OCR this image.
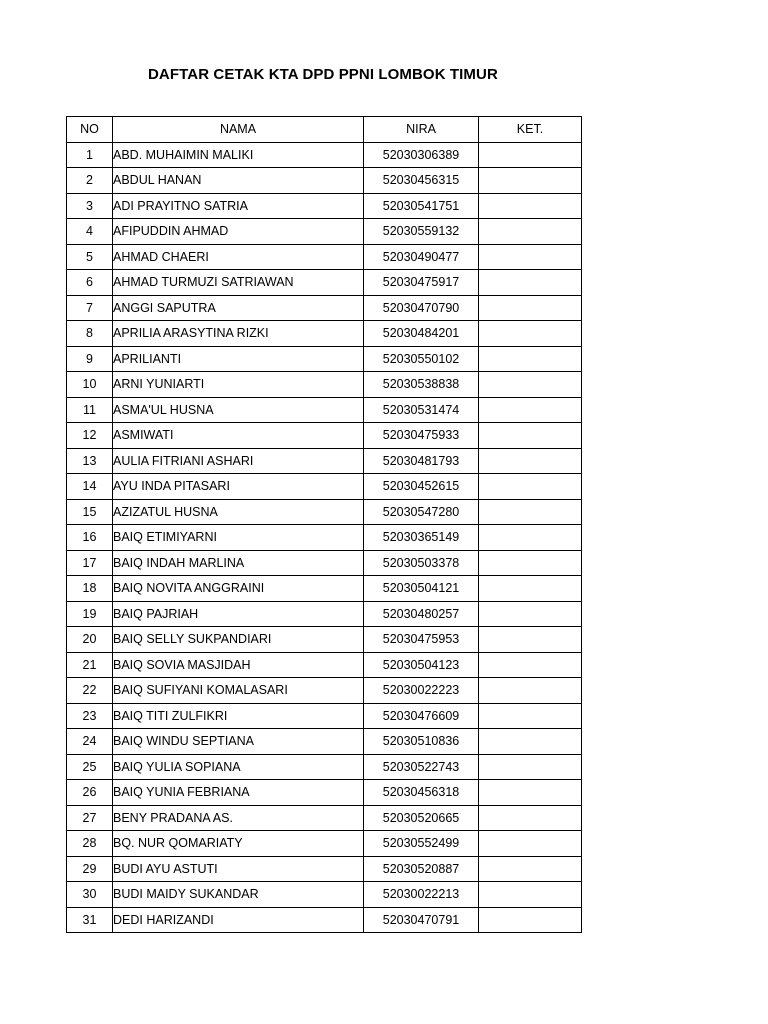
DAFTAR CETAK KTA DPD PPNI LOMBOK TIMUR
NO	NAMA	NIRA	KET.
1	ABD. MUHAIMIN MALIKI	52030306389	
2	ABDUL HANAN	52030456315	
3	ADI PRAYITNO SATRIA	52030541751	
4	AFIPUDDIN AHMAD	52030559132	
5	AHMAD CHAERI	52030490477	
6	AHMAD TURMUZI SATRIAWAN	52030475917	
7	ANGGI SAPUTRA	52030470790	
8	APRILIA ARASYTINA RIZKI	52030484201	
9	APRILIANTI	52030550102	
10	ARNI YUNIARTI	52030538838	
11	ASMA'UL HUSNA	52030531474	
12	ASMIWATI	52030475933	
13	AULIA FITRIANI ASHARI	52030481793	
14	AYU INDA PITASARI	52030452615	
15	AZIZATUL HUSNA	52030547280	
16	BAIQ ETIMIYARNI	52030365149	
17	BAIQ INDAH MARLINA	52030503378	
18	BAIQ NOVITA ANGGRAINI	52030504121	
19	BAIQ PAJRIAH	52030480257	
20	BAIQ SELLY SUKPANDIARI	52030475953	
21	BAIQ SOVIA MASJIDAH	52030504123	
22	BAIQ SUFIYANI KOMALASARI	52030022223	
23	BAIQ TITI ZULFIKRI	52030476609	
24	BAIQ WINDU SEPTIANA	52030510836	
25	BAIQ YULIA SOPIANA	52030522743	
26	BAIQ YUNIA FEBRIANA	52030456318	
27	BENY PRADANA AS.	52030520665	
28	BQ. NUR QOMARIATY	52030552499	
29	BUDI AYU ASTUTI	52030520887	
30	BUDI MAIDY SUKANDAR	52030022213	
31	DEDI HARIZANDI	52030470791	
